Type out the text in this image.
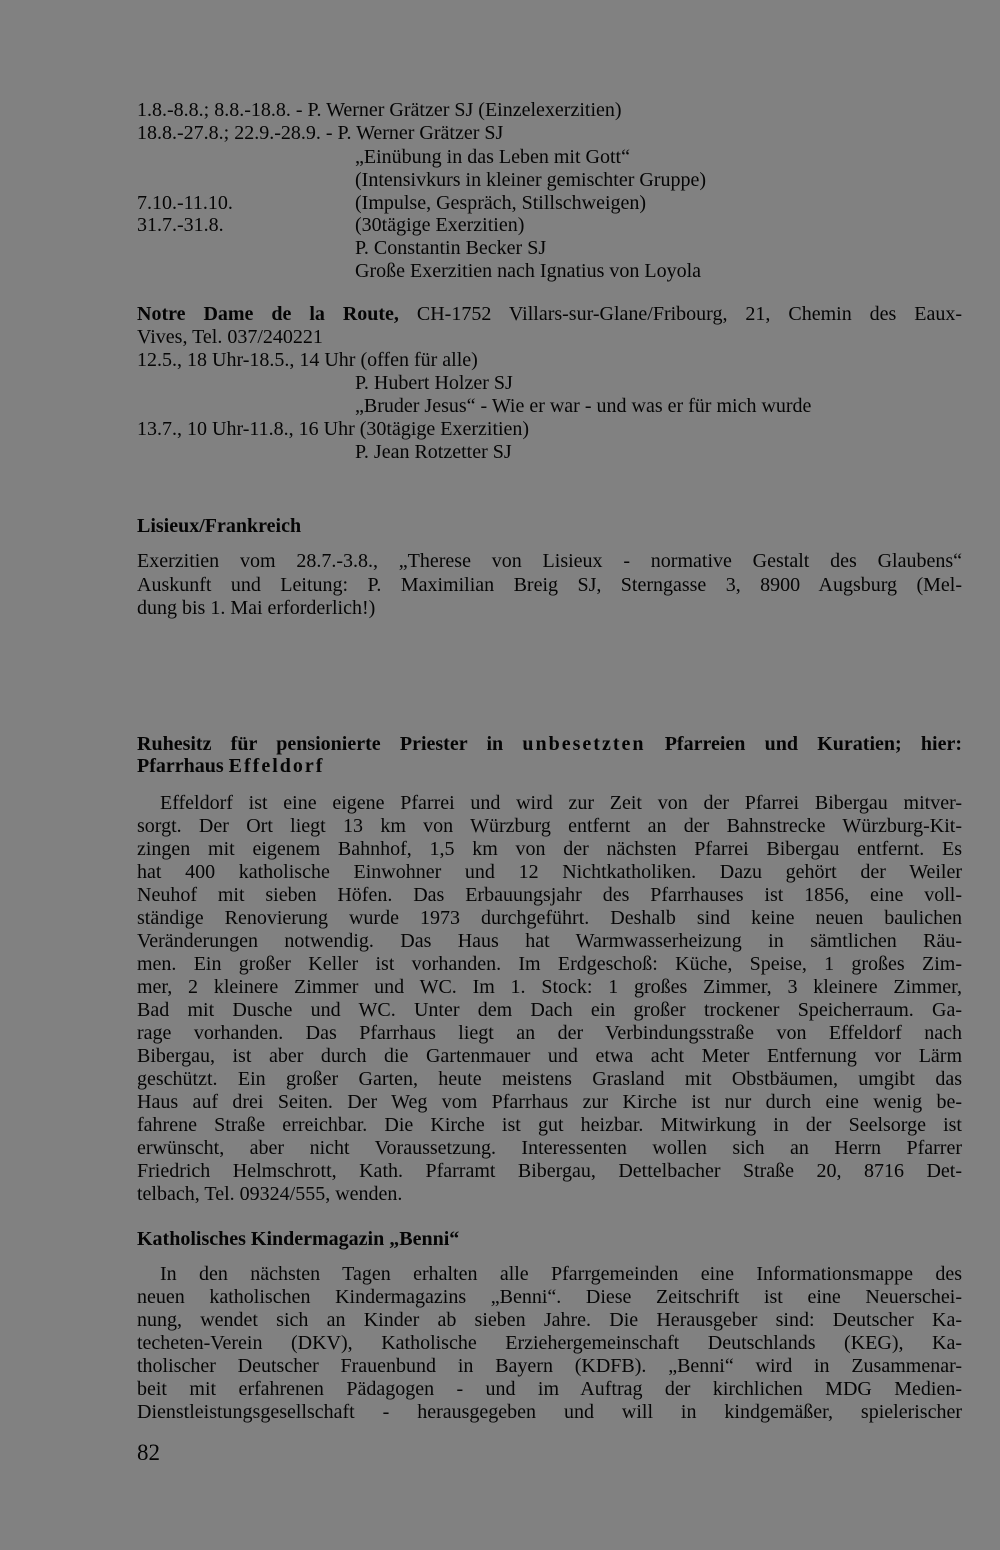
1.8.-8.8.; 8.8.-18.8. - P. Werner Grätzer SJ (Einzelexerzitien)
18.8.-27.8.; 22.9.-28.9. - P. Werner Grätzer SJ
„Einübung in das Leben mit Gott“
(Intensivkurs in kleiner gemischter Gruppe)
7.10.-11.10.	(Impulse, Gespräch, Stillschweigen)
31.7.-31.8.	(30tägige Exerzitien)
P. Constantin Becker SJ
Große Exerzitien nach Ignatius von Loyola
Notre Dame de la Route, CH-1752 Villars-sur-Glane/Fribourg, 21, Chemin des Eaux-
Vives, Tel. 037/240221
12.5., 18 Uhr-18.5., 14 Uhr (offen für alle)
P. Hubert Holzer SJ
„Bruder Jesus“ - Wie er war - und was er für mich wurde
13.7., 10 Uhr-11.8., 16 Uhr (30tägige Exerzitien)
P. Jean Rotzetter SJ
Lisieux/Frankreich
Exerzitien vom 28.7.-3.8., „Therese von Lisieux - normative Gestalt des Glaubens“
Auskunft und Leitung: P. Maximilian Breig SJ, Sterngasse 3, 8900 Augsburg (Mel-
dung bis 1. Mai erforderlich!)
Ruhesitz für pensionierte Priester in unbesetzten Pfarreien und Kuratien; hier:
Pfarrhaus Effeldorf
Effeldorf ist eine eigene Pfarrei und wird zur Zeit von der Pfarrei Bibergau mitver-
sorgt. Der Ort liegt 13 km von Würzburg entfernt an der Bahnstrecke Würzburg-Kit-
zingen mit eigenem Bahnhof, 1,5 km von der nächsten Pfarrei Bibergau entfernt. Es
hat 400 katholische Einwohner und 12 Nichtkatholiken. Dazu gehört der Weiler
Neuhof mit sieben Höfen. Das Erbauungsjahr des Pfarrhauses ist 1856, eine voll-
ständige Renovierung wurde 1973 durchgeführt. Deshalb sind keine neuen baulichen
Veränderungen notwendig. Das Haus hat Warmwasserheizung in sämtlichen Räu-
men. Ein großer Keller ist vorhanden. Im Erdgeschoß: Küche, Speise, 1 großes Zim-
mer, 2 kleinere Zimmer und WC. Im 1. Stock: 1 großes Zimmer, 3 kleinere Zimmer,
Bad mit Dusche und WC. Unter dem Dach ein großer trockener Speicherraum. Ga-
rage vorhanden. Das Pfarrhaus liegt an der Verbindungsstraße von Effeldorf nach
Bibergau, ist aber durch die Gartenmauer und etwa acht Meter Entfernung vor Lärm
geschützt. Ein großer Garten, heute meistens Grasland mit Obstbäumen, umgibt das
Haus auf drei Seiten. Der Weg vom Pfarrhaus zur Kirche ist nur durch eine wenig be-
fahrene Straße erreichbar. Die Kirche ist gut heizbar. Mitwirkung in der Seelsorge ist
erwünscht, aber nicht Voraussetzung. Interessenten wollen sich an Herrn Pfarrer
Friedrich Helmschrott, Kath. Pfarramt Bibergau, Dettelbacher Straße 20, 8716 Det-
telbach, Tel. 09324/555, wenden.
Katholisches Kindermagazin „Benni“
In den nächsten Tagen erhalten alle Pfarrgemeinden eine Informationsmappe des
neuen katholischen Kindermagazins „Benni“. Diese Zeitschrift ist eine Neuerschei-
nung, wendet sich an Kinder ab sieben Jahre. Die Herausgeber sind: Deutscher Ka-
techeten-Verein (DKV), Katholische Erziehergemeinschaft Deutschlands (KEG), Ka-
tholischer Deutscher Frauenbund in Bayern (KDFB). „Benni“ wird in Zusammenar-
beit mit erfahrenen Pädagogen - und im Auftrag der kirchlichen MDG Medien-
Dienstleistungsgesellschaft - herausgegeben und will in kindgemäßer, spielerischer
82
